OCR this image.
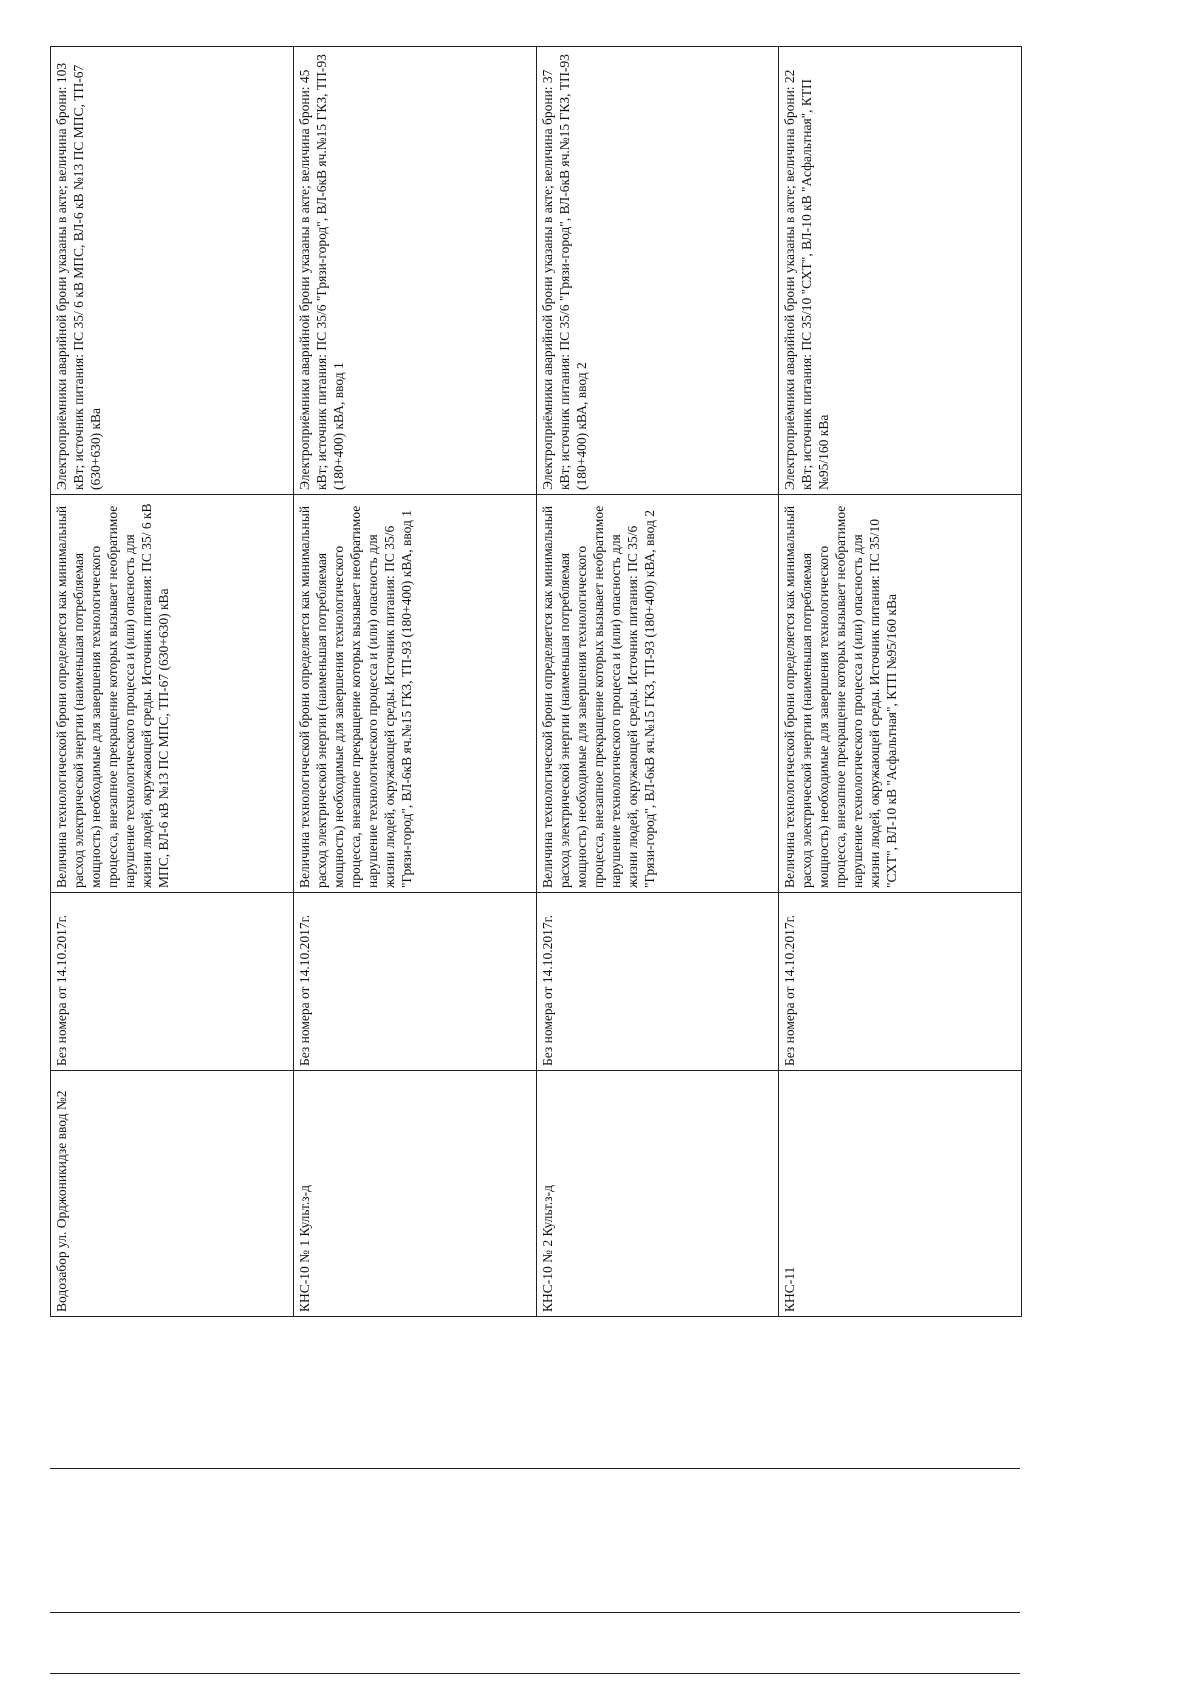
Водозабор ул. Орджоникидзе ввод №2	Без номера от 14.10.2017г.	Величина технологической брони определяется как минимальный расход электрической энергии (наименьшая потребляемая мощность) необходимые для завершения технологического процесса, внезапное прекращение которых вызывает необратимое нарушение технологического процесса и (или) опасность для жизни людей, окружающей среды. Источник питания: ПС 35/ 6 кВ МПС, ВЛ-6 кВ №13 ПС МПС, ТП-67 (630+630) кВа	Электроприёмники аварийной брони указаны в акте; величина брони: 103 кВт; источник питания: ПС 35/ 6 кВ МПС, ВЛ-6 кВ №13 ПС МПС, ТП-67 (630+630) кВа
КНС-10 № 1 Культ.з-д	Без номера от 14.10.2017г.	Величина технологической брони определяется как минимальный расход электрической энергии (наименьшая потребляемая мощность) необходимые для завершения технологического процесса, внезапное прекращение которых вызывает необратимое нарушение технологического процесса и (или) опасность для жизни людей, окружающей среды. Источник питания: ПС 35/6 "Грязи-город", ВЛ-6кВ яч.№15 ГКЗ, ТП-93 (180+400) кВА, ввод 1	Электроприёмники аварийной брони указаны в акте; величина брони: 45 кВт; источник питания: ПС 35/6 "Грязи-город", ВЛ-6кВ яч.№15 ГКЗ, ТП-93 (180+400) кВА, ввод 1
КНС-10 № 2 Культ.з-д	Без номера от 14.10.2017г.	Величина технологической брони определяется как минимальный расход электрической энергии (наименьшая потребляемая мощность) необходимые для завершения технологического процесса, внезапное прекращение которых вызывает необратимое нарушение технологического процесса и (или) опасность для жизни людей, окружающей среды. Источник питания: ПС 35/6 "Грязи-город", ВЛ-6кВ яч.№15 ГКЗ, ТП-93 (180+400) кВА, ввод 2	Электроприёмники аварийной брони указаны в акте; величина брони: 37 кВт; источник питания: ПС 35/6 "Грязи-город", ВЛ-6кВ яч.№15 ГКЗ, ТП-93 (180+400) кВА, ввод 2
КНС-11	Без номера от 14.10.2017г.	Величина технологической брони определяется как минимальный расход электрической энергии (наименьшая потребляемая мощность) необходимые для завершения технологического процесса, внезапное прекращение которых вызывает необратимое нарушение технологического процесса и (или) опасность для жизни людей, окружающей среды. Источник питания: ПС 35/10 "СХТ", ВЛ-10 кВ "Асфальтная", КТП №95/160 кВа	Электроприёмники аварийной брони указаны в акте; величина брони: 22 кВт; источник питания: ПС 35/10 "СХТ", ВЛ-10 кВ "Асфальтная", КТП №95/160 кВа
